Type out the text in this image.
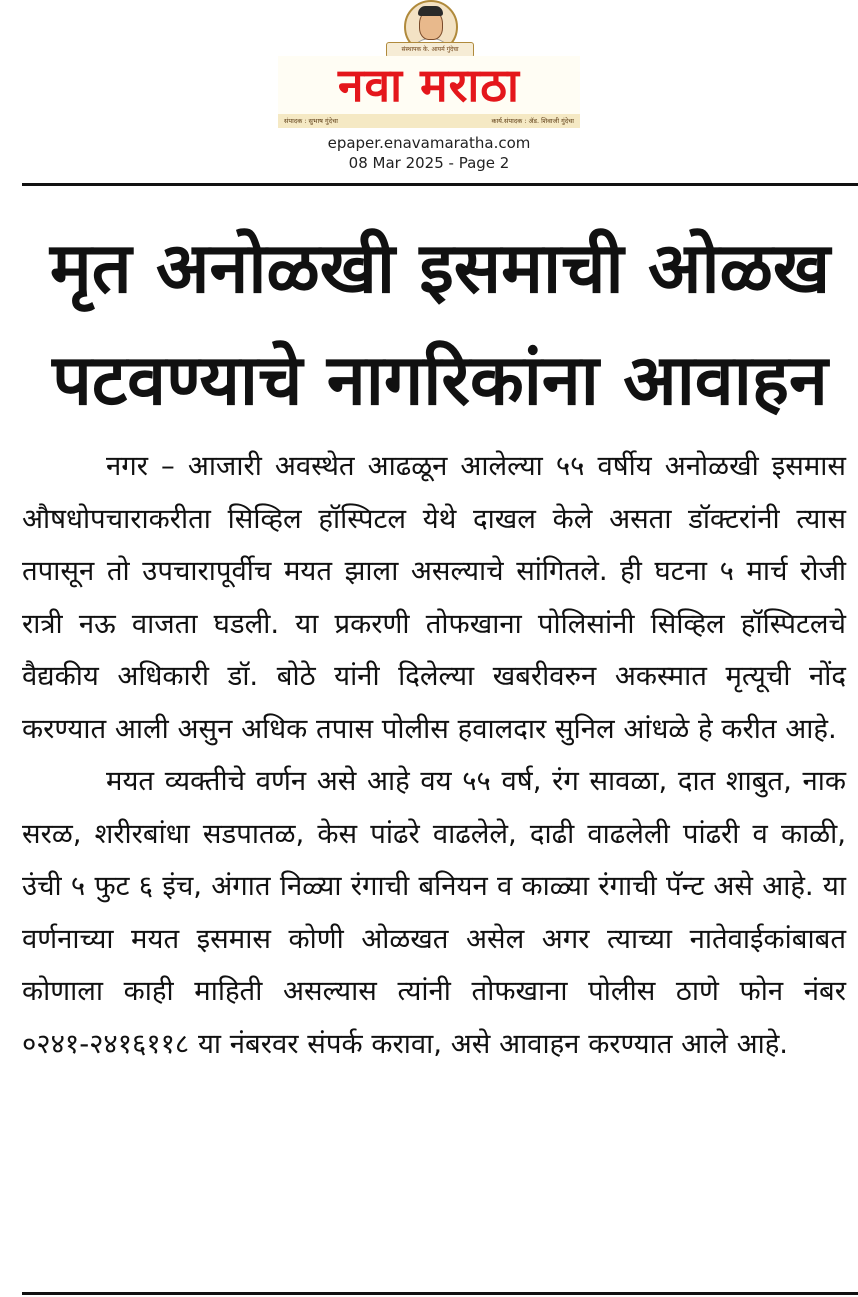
संस्थापक के. आयर्म गुंदेचा
नवा मराठा
संपादक : सुभाष गुंदेचा	कार्य.संपादक : ॲड. शिवाजी गुंदेचा
epaper.enavamaratha.com
08 Mar 2025 - Page 2
मृत अनोळखी इसमाची ओळख पटवण्याचे नागरिकांना आवाहन

नगर – आजारी अवस्थेत आढळून आलेल्या ५५ वर्षीय अनोळखी इसमास औषधोपचाराकरीता सिव्हिल हॉस्पिटल येथे दाखल केले असता डॉक्टरांनी त्यास तपासून तो उपचारापूर्वीच मयत झाला असल्याचे सांगितले. ही घटना ५ मार्च रोजी रात्री नऊ वाजता घडली. या प्रकरणी तोफखाना पोलिसांनी सिव्हिल हॉस्पिटलचे वैद्यकीय अधिकारी डॉ. बोठे यांनी दिलेल्या खबरीवरुन अकस्मात मृत्यूची नोंद करण्यात आली असुन अधिक तपास पोलीस हवालदार सुनिल आंधळे हे करीत आहे.

मयत व्यक्तीचे वर्णन असे आहे वय ५५ वर्ष, रंग सावळा, दात शाबुत, नाक सरळ, शरीरबांधा सडपातळ, केस पांढरे वाढलेले, दाढी वाढलेली पांढरी व काळी, उंची ५ फुट ६ इंच, अंगात निळ्या रंगाची बनियन व काळ्या रंगाची पॅन्ट असे आहे. या वर्णनाच्या मयत इसमास कोणी ओळखत असेल अगर त्याच्या नातेवाईकांबाबत कोणाला काही माहिती असल्यास त्यांनी तोफखाना पोलीस ठाणे फोन नंबर ०२४१-२४१६११८ या नंबरवर संपर्क करावा, असे आवाहन करण्यात आले आहे.
